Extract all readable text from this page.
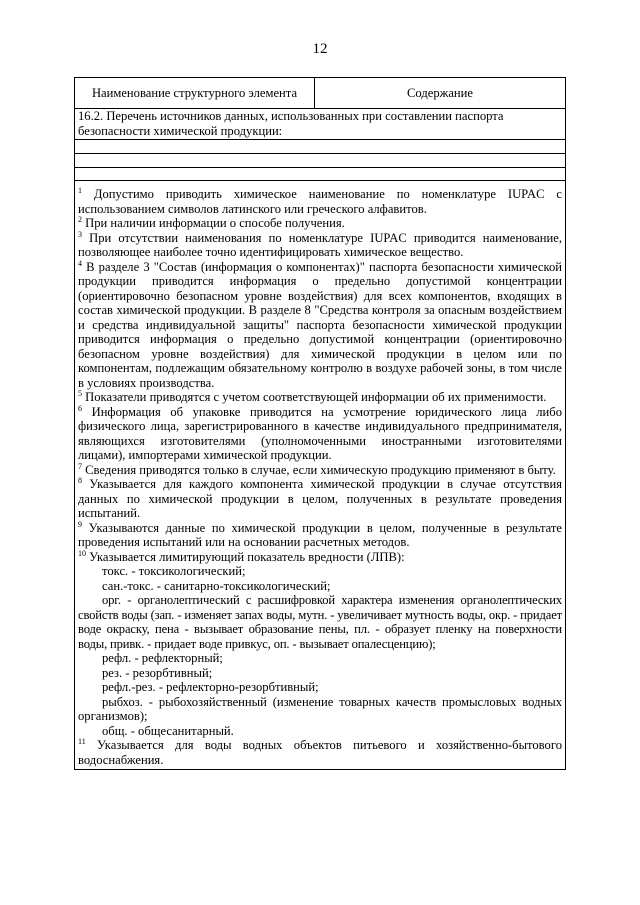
12
Наименование структурного элемента	Содержание
16.2. Перечень источников данных, использованных при составлении паспорта безопасности химической продукции:

$^1$ Допустимо приводить химическое наименование по номенклатуре IUPAC с использованием символов латинского или греческого алфавитов.

$^2$ При наличии информации о способе получения.

$^3$ При отсутствии наименования по номенклатуре IUPAC приводится наименование, позволяющее наиболее точно идентифицировать химическое вещество.

$^4$ В разделе 3 "Состав (информация о компонентах)" паспорта безопасности химической продукции приводится информация о предельно допустимой концентрации (ориентировочно безопасном уровне воздействия) для всех компонентов, входящих в состав химической продукции. В разделе 8 "Средства контроля за опасным воздействием и средства индивидуальной защиты" паспорта безопасности химической продукции приводится информация о предельно допустимой концентрации (ориентировочно безопасном уровне воздействия) для химической продукции в целом или по компонентам, подлежащим обязательному контролю в воздухе рабочей зоны, в том числе в условиях производства.

$^5$ Показатели приводятся с учетом соответствующей информации об их применимости.

$^6$ Информация об упаковке приводится на усмотрение юридического лица либо физического лица, зарегистрированного в качестве индивидуального предпринимателя, являющихся изготовителями (уполномоченными иностранными изготовителями лицами), импортерами химической продукции.

$^7$ Сведения приводятся только в случае, если химическую продукцию применяют в быту.

$^8$ Указывается для каждого компонента химической продукции в случае отсутствия данных по химической продукции в целом, полученных в результате проведения испытаний.

$^9$ Указываются данные по химической продукции в целом, полученные в результате проведения испытаний или на основании расчетных методов.

$^{10}$ Указывается лимитирующий показатель вредности (ЛПВ):

токс. - токсикологический;

сан.-токс. - санитарно-токсикологический;

орг. - органолептический с расшифровкой характера изменения органолептических свойств воды (зап. - изменяет запах воды, мутн. - увеличивает мутность воды, окр. - придает воде окраску, пена - вызывает образование пены, пл. - образует пленку на поверхности воды, привк. - придает воде привкус, оп. - вызывает опалесценцию);

рефл. - рефлекторный;

рез. - резорбтивный;

рефл.-рез. - рефлекторно-резорбтивный;

рыбхоз. - рыбохозяйственный (изменение товарных качеств промысловых водных организмов);

общ. - общесанитарный.

$^{11}$ Указывается для воды водных объектов питьевого и хозяйственно-бытового водоснабжения.
